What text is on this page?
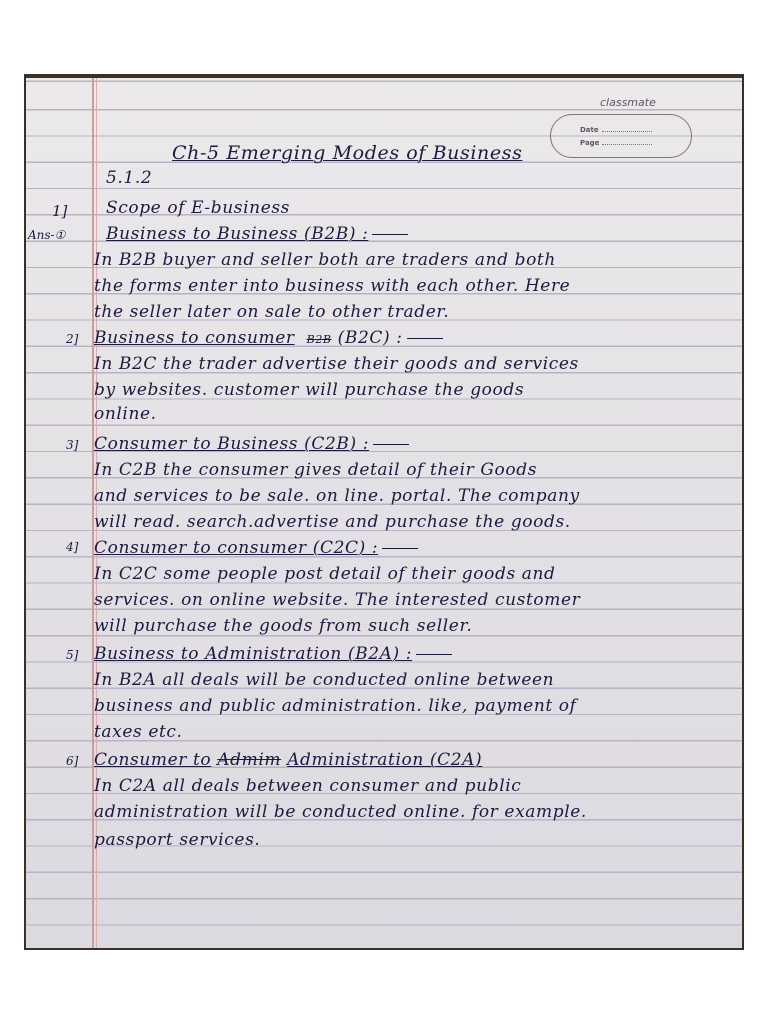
classmate
Date
Page
Ch-5 Emerging Modes of Business
5.1.2
1] Scope of E-business
Ans-① Business to Business (B2B) :
In B2B buyer and seller both are traders and both
the forms enter into business with each other. Here
the seller later on sale to other trader.
2] Business to consumer B2B (B2C) :
In B2C the trader advertise their goods and services
by websites. customer will purchase the goods
online.
3] Consumer to Business (C2B) :
In C2B the consumer gives detail of their Goods
and services to be sale. on line. portal. The company
will read. search.advertise and purchase the goods.
4] Consumer to consumer (C2C) :
In C2C some people post detail of their goods and
services. on online website. The interested customer
will purchase the goods from such seller.
5] Business to Administration (B2A) :
In B2A all deals will be conducted online between
business and public administration. like, payment of
taxes etc.
6] Consumer to Admim Administration (C2A)
In C2A all deals between consumer and public
administration will be conducted online. for example.
passport services.
